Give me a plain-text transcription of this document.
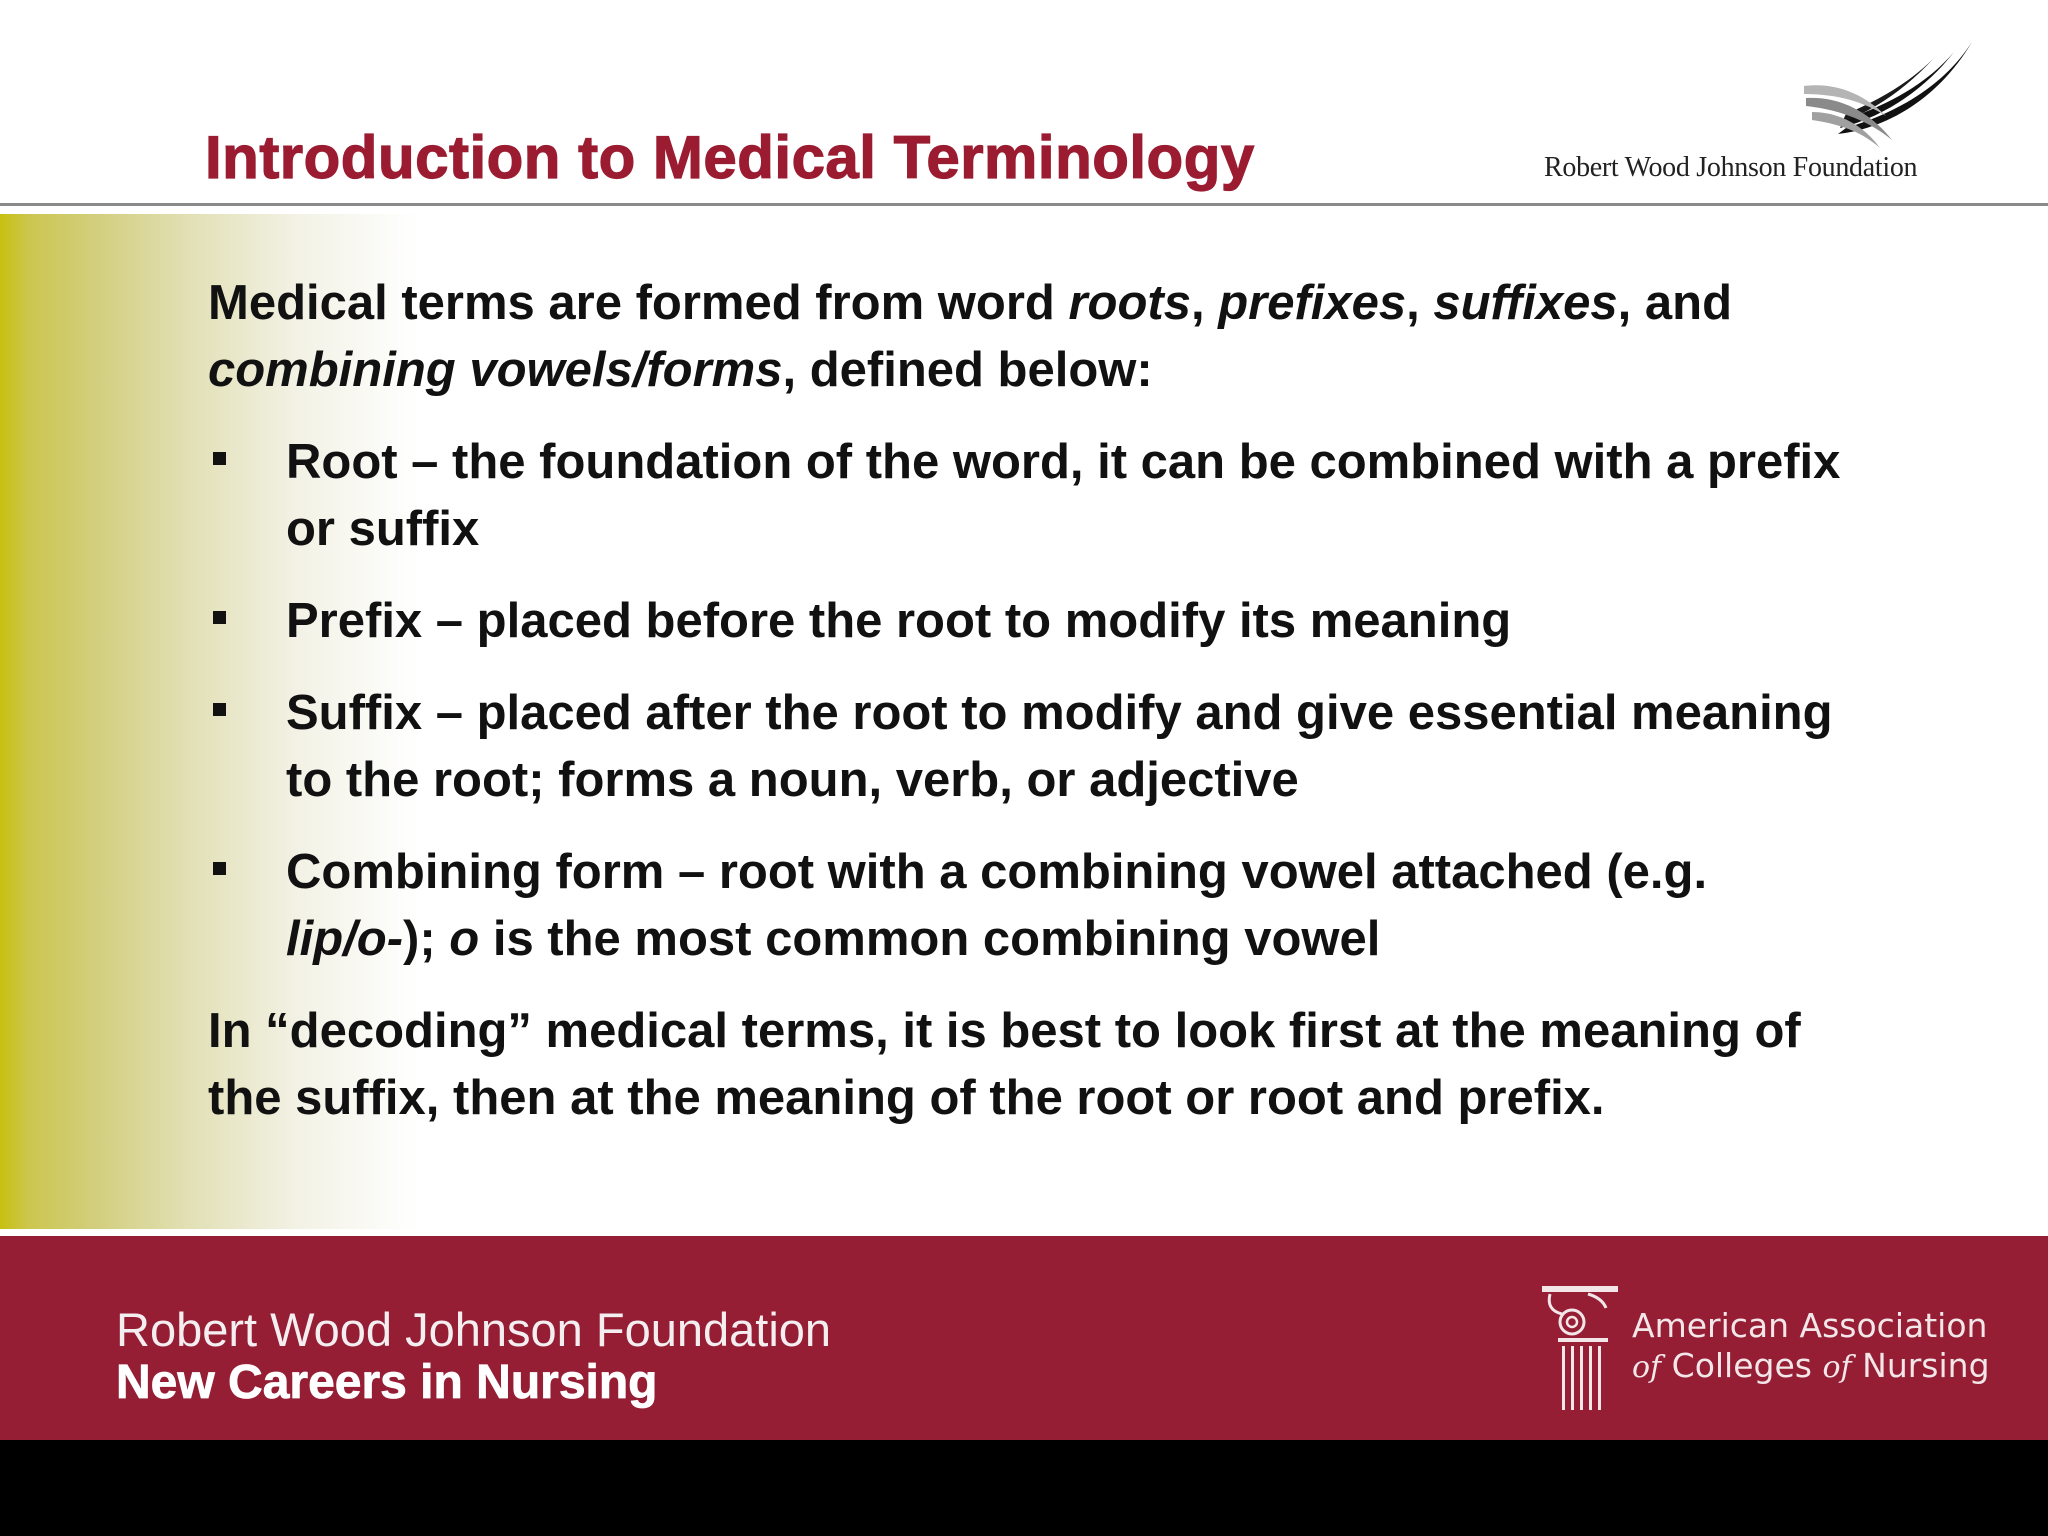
Introduction to Medical Terminology	Robert Wood Johnson Foundation

Medical terms are formed from word roots, prefixes, suffixes, and
combining vowels/forms, defined below:

Root – the foundation of the word, it can be combined with a prefix or suffix
Prefix – placed before the root to modify its meaning
Suffix – placed after the root to modify and give essential meaning to the root; forms a noun, verb, or adjective
Combining form – root with a combining vowel attached (e.g. lip/o-); o is the most common combining vowel

In “decoding” medical terms, it is best to look first at the meaning of the suffix, then at the meaning of the root or root and prefix.

Robert Wood Johnson Foundation
New Careers in Nursing
American Association
of Colleges of Nursing
